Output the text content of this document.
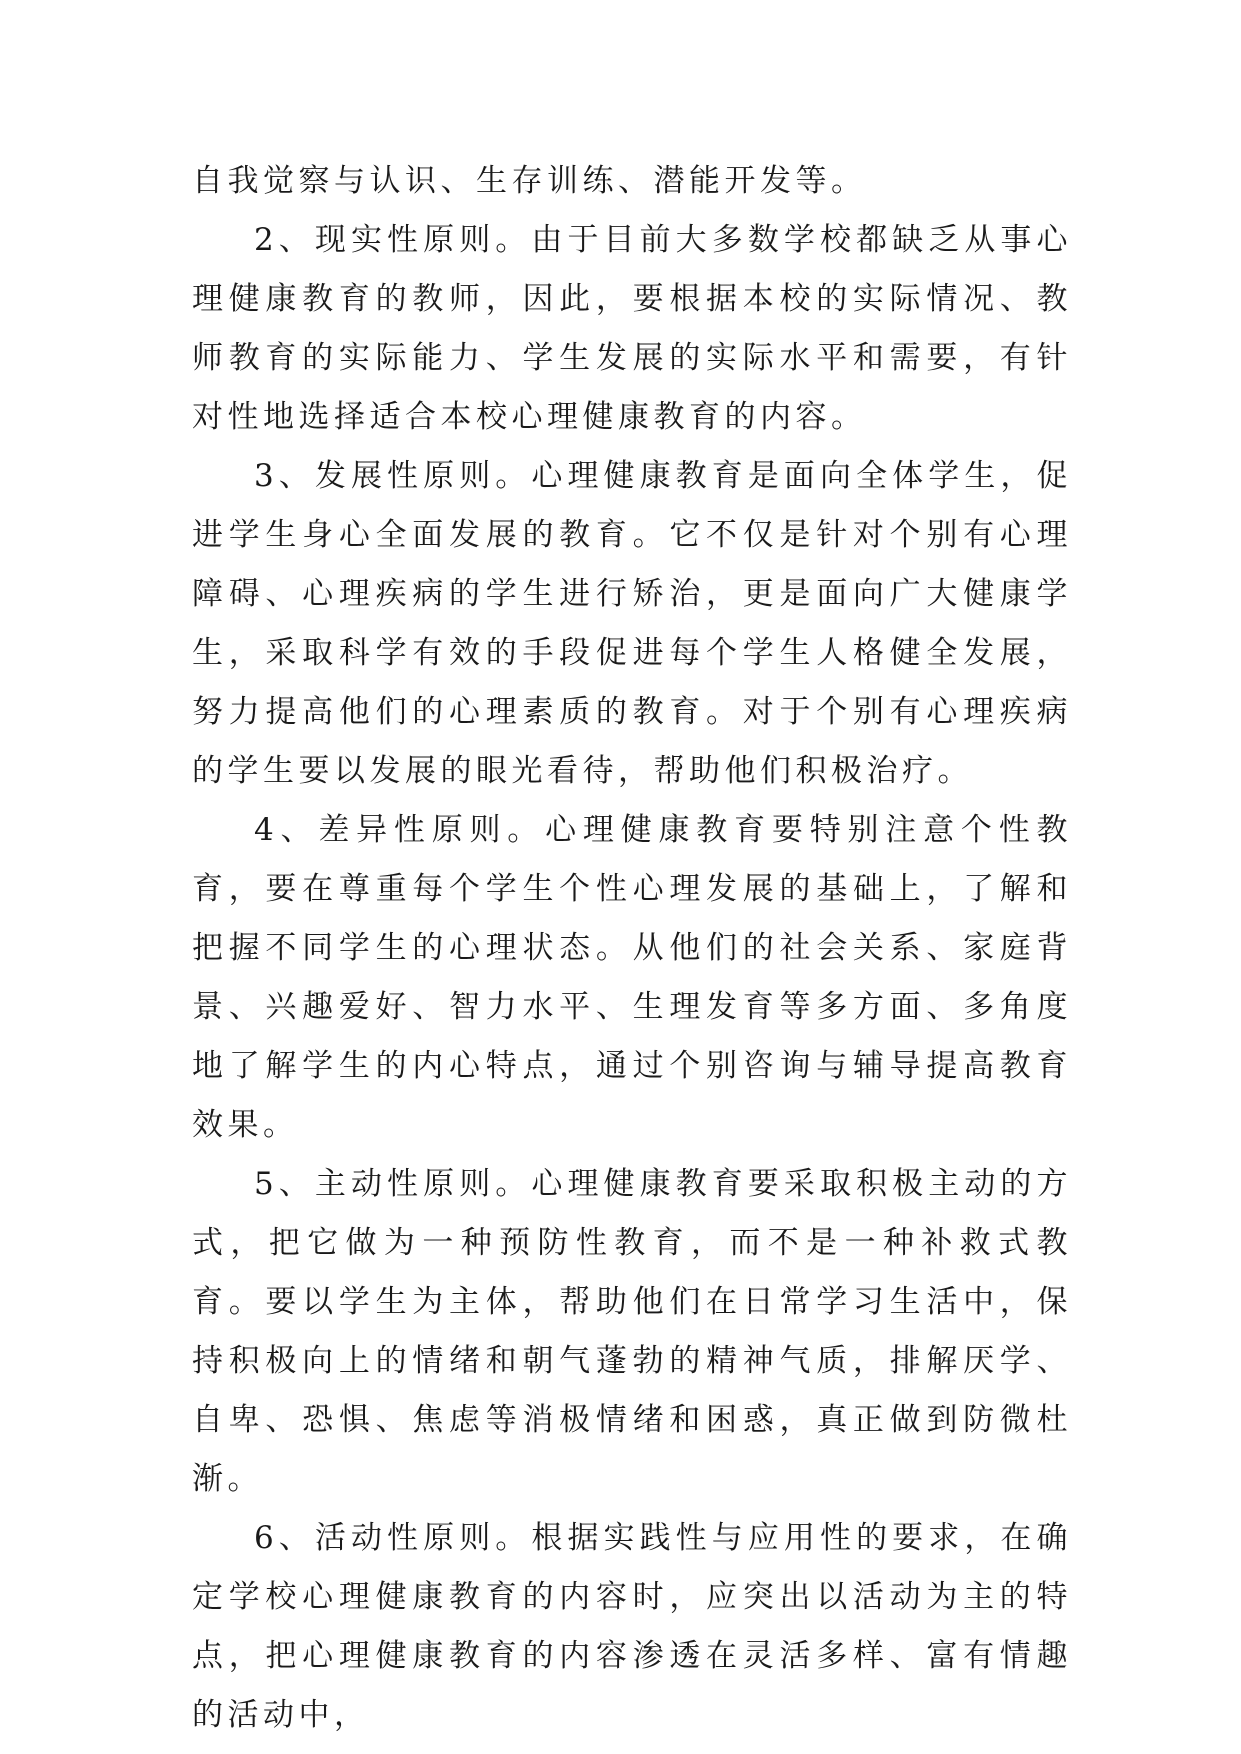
自我觉察与认识、生存训练、潜能开发等。

2、现实性原则。由于目前大多数学校都缺乏从事心理健康教育的教师，因此，要根据本校的实际情况、教师教育的实际能力、学生发展的实际水平和需要，有针对性地选择适合本校心理健康教育的内容。

3、发展性原则。心理健康教育是面向全体学生，促进学生身心全面发展的教育。它不仅是针对个别有心理障碍、心理疾病的学生进行矫治，更是面向广大健康学生，采取科学有效的手段促进每个学生人格健全发展，努力提高他们的心理素质的教育。对于个别有心理疾病的学生要以发展的眼光看待，帮助他们积极治疗。

4、差异性原则。心理健康教育要特别注意个性教育，要在尊重每个学生个性心理发展的基础上，了解和把握不同学生的心理状态。从他们的社会关系、家庭背景、兴趣爱好、智力水平、生理发育等多方面、多角度地了解学生的内心特点，通过个别咨询与辅导提高教育效果。

5、主动性原则。心理健康教育要采取积极主动的方式，把它做为一种预防性教育，而不是一种补救式教育。要以学生为主体，帮助他们在日常学习生活中，保持积极向上的情绪和朝气蓬勃的精神气质，排解厌学、自卑、恐惧、焦虑等消极情绪和困惑，真正做到防微杜渐。

6、活动性原则。根据实践性与应用性的要求，在确定学校心理健康教育的内容时，应突出以活动为主的特点，把心理健康教育的内容渗透在灵活多样、富有情趣的活动中，
